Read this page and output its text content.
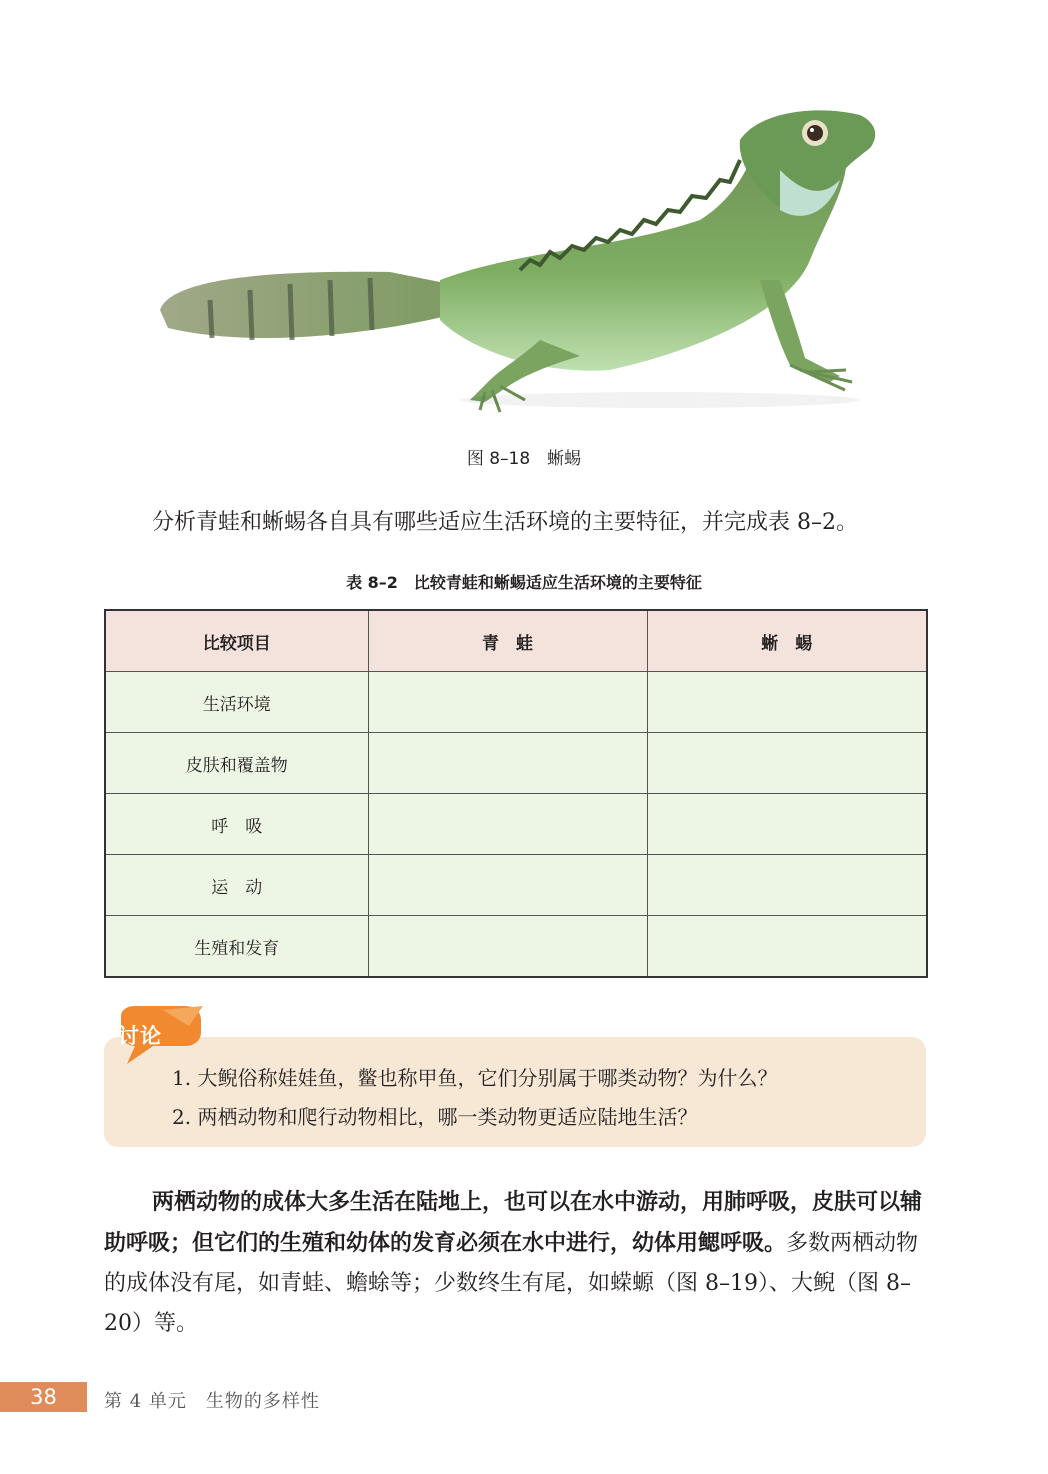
图 8–18　蜥蜴
分析青蛙和蜥蜴各自具有哪些适应生活环境的主要特征，并完成表 8–2。
表 8–2　比较青蛙和蜥蜴适应生活环境的主要特征
比较项目	青　蛙	蜥　蜴
生活环境		
皮肤和覆盖物		
呼　吸		
运　动		
生殖和发育		
讨论
1. 大鲵俗称娃娃鱼，鳖也称甲鱼，它们分别属于哪类动物？为什么？
2. 两栖动物和爬行动物相比，哪一类动物更适应陆地生活？
两栖动物的成体大多生活在陆地上，也可以在水中游动，用肺呼吸，皮肤可以辅助呼吸；但它们的生殖和幼体的发育必须在水中进行，幼体用鳃呼吸。多数两栖动物的成体没有尾，如青蛙、蟾蜍等；少数终生有尾，如蝾螈（图 8–19）、大鲵（图 8–20）等。
38	第 4 单元　生物的多样性
